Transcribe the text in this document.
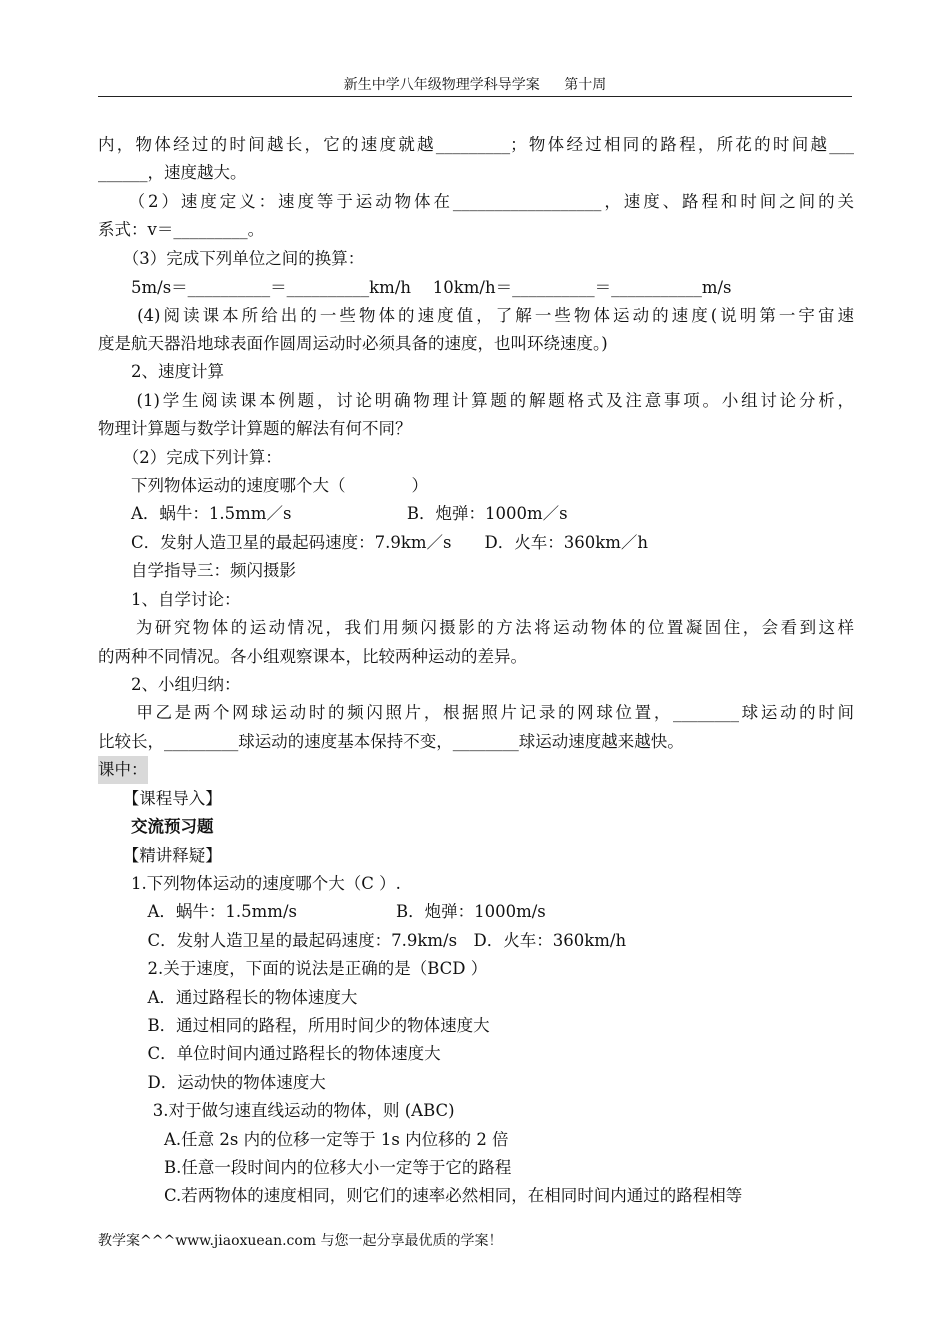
新生中学八年级物理学科导学案 第十周
内，物体经过的时间越长，它的速度就越_________；物体经过相同的路程，所花的时间越___
______，速度越大。
　　（2）速度定义：速度等于运动物体在__________________，速度、路程和时间之间的关
系式：v＝_________。
　　（3）完成下列单位之间的换算：
　　5m/s＝__________＝__________km/h　 10km/h＝__________＝___________m/s
　　(4)阅读课本所给出的一些物体的速度值，了解一些物体运动的速度(说明第一宇宙速
度是航天器沿地球表面作圆周运动时必须具备的速度，也叫环绕速度。)
　　2、速度计算
　　(1)学生阅读课本例题，讨论明确物理计算题的解题格式及注意事项。小组讨论分析，
物理计算题与数学计算题的解法有何不同？
　　（2）完成下列计算：
　　下列物体运动的速度哪个大（　　　　）
　　A．蜗牛：1.5mm／s　　　　　　　B．炮弹：1000m／s
　　C．发射人造卫星的最起码速度：7.9km／s　　D．火车：360km／h
　　自学指导三：频闪摄影
　　1、自学讨论：
　　为研究物体的运动情况，我们用频闪摄影的方法将运动物体的位置凝固住，会看到这样
的两种不同情况。各小组观察课本，比较两种运动的差异。
　　2、小组归纳：
　　甲乙是两个网球运动时的频闪照片，根据照片记录的网球位置，________球运动的时间
比较长，_________球运动的速度基本保持不变，________球运动速度越来越快。
课中：
　　【课程导入】
　　交流预习题
　　【精讲释疑】
　　1.下列物体运动的速度哪个大（C ）.
　　　A．蜗牛：1.5mm/s　　　　　　B．炮弹：1000m/s
　　　C．发射人造卫星的最起码速度：7.9km/s　D．火车：360km/h
　　　2.关于速度，下面的说法是正确的是（BCD ）
　　　A．通过路程长的物体速度大
　　　B．通过相同的路程，所用时间少的物体速度大
　　　C．单位时间内通过路程长的物体速度大
　　　D．运动快的物体速度大
　　　 3.对于做匀速直线运动的物体，则 (ABC)
　　　　A.任意 2s 内的位移一定等于 1s 内位移的 2 倍
　　　　B.任意一段时间内的位移大小一定等于它的路程
　　　　C.若两物体的速度相同，则它们的速率必然相同，在相同时间内通过的路程相等
教学案^^^www.jiaoxuean.com 与您一起分享最优质的学案！
